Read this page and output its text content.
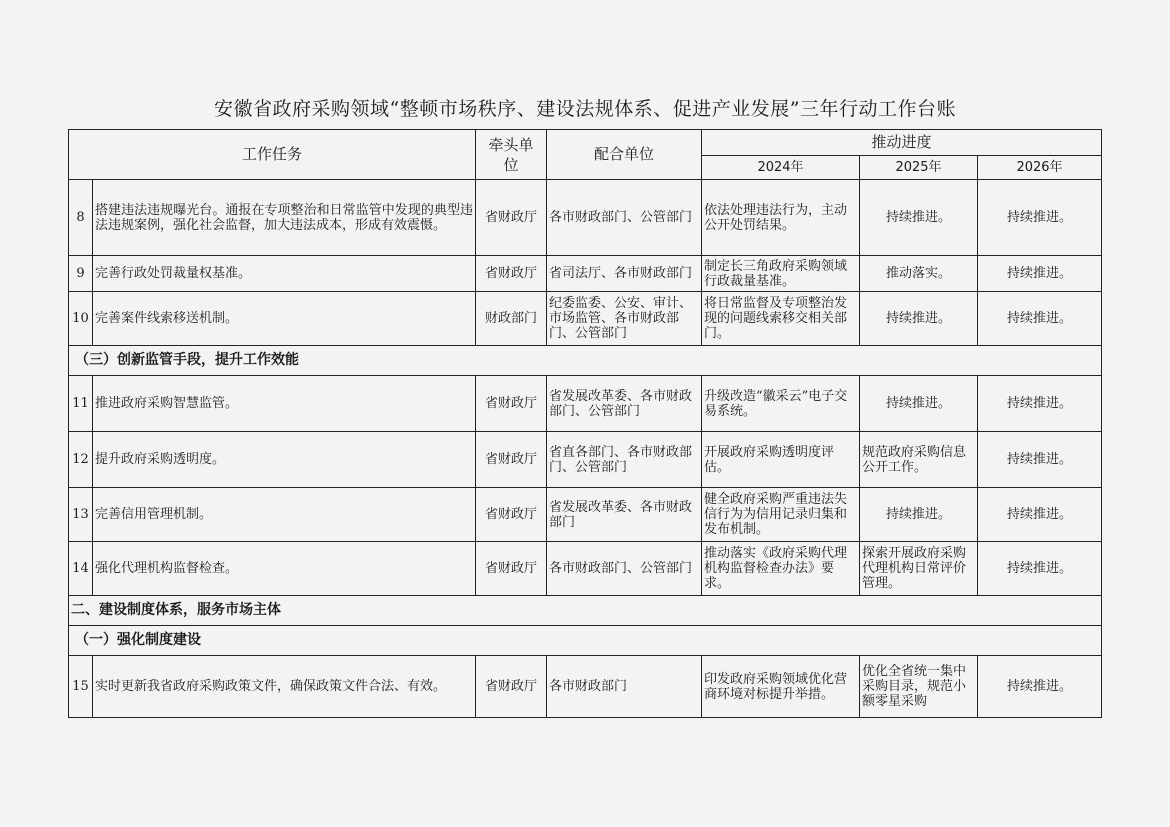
安徽省政府采购领域“整顿市场秩序、建设法规体系、促进产业发展”三年行动工作台账
工作任务		牵头单位	配合单位	推动进度		
				2024年	2025年	2026年
8	搭建违法违规曝光台。通报在专项整治和日常监管中发现的典型违法违规案例，强化社会监督，加大违法成本，形成有效震慑。	省财政厅	各市财政部门、公管部门	依法处理违法行为，主动公开处罚结果。	持续推进。	持续推进。
9	完善行政处罚裁量权基准。	省财政厅	省司法厅、各市财政部门	制定长三角政府采购领域行政裁量基准。	推动落实。	持续推进。
10	完善案件线索移送机制。	财政部门	纪委监委、公安、审计、市场监管、各市财政部门、公管部门	将日常监督及专项整治发现的问题线索移交相关部门。	持续推进。	持续推进。
（三）创新监管手段，提升工作效能						
11	推进政府采购智慧监管。	省财政厅	省发展改革委、各市财政部门、公管部门	升级改造“徽采云”电子交易系统。	持续推进。	持续推进。
12	提升政府采购透明度。	省财政厅	省直各部门、各市财政部门、公管部门	开展政府采购透明度评估。	规范政府采购信息公开工作。	持续推进。
13	完善信用管理机制。	省财政厅	省发展改革委、各市财政部门	健全政府采购严重违法失信行为为信用记录归集和发布机制。	持续推进。	持续推进。
14	强化代理机构监督检查。	省财政厅	各市财政部门、公管部门	推动落实《政府采购代理机构监督检查办法》要求。	探索开展政府采购代理机构日常评价管理。	持续推进。
二、建设制度体系，服务市场主体						
（一）强化制度建设						
15	实时更新我省政府采购政策文件，确保政策文件合法、有效。	省财政厅	各市财政部门	印发政府采购领域优化营商环境对标提升举措。	优化全省统一集中采购目录，规范小额零星采购	持续推进。
